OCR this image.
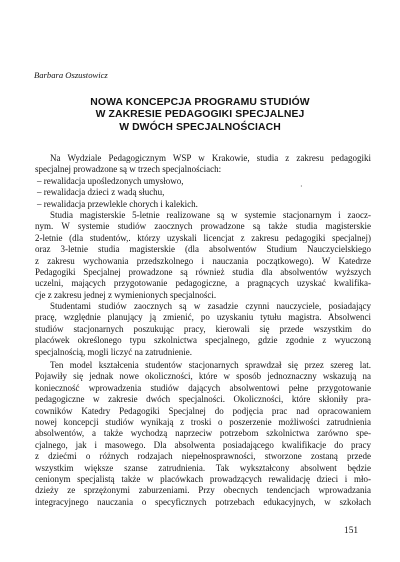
Barbara Oszustowicz
NOWA KONCEPCJA PROGRAMU STUDIÓW
W ZAKRESIE PEDAGOGIKI SPECJALNEJ
W DWÓCH SPECJALNOŚCIACH
Na Wydziale Pedagogicznym WSP w Krakowie, studia z zakresu pedagogiki
specjalnej prowadzone są w trzech specjalnościach:
– rewalidacja upośledzonych umysłowo,
– rewalidacja dzieci z wadą słuchu,
– rewalidacja przewlekle chorych i kalekich.
Studia magisterskie 5-letnie realizowane są w systemie stacjonarnym i zaocz-
nym. W systemie studiów zaocznych prowadzone są także studia magisterskie
2-letnie (dla studentów,. którzy uzyskali licencjat z zakresu pedagogiki specjalnej)
oraz 3-letnie studia magisterskie (dla absolwentów Studium Nauczycielskiego
z zakresu wychowania przedszkolnego i nauczania początkowego). W Katedrze
Pedagogiki Specjalnej prowadzone są również studia dla absolwentów wyższych
uczelni, mających przygotowanie pedagogiczne, a pragnących uzyskać kwalifika-
cje z zakresu jednej z wymienionych specjalności.
Studentami studiów zaocznych są w zasadzie czynni nauczyciele, posiadający
pracę, względnie planujący ją zmienić, po uzyskaniu tytułu magistra. Absolwenci
studiów stacjonarnych poszukując pracy, kierowali się przede wszystkim do
placówek określonego typu szkolnictwa specjalnego, gdzie zgodnie z wyuczoną
specjalnością, mogli liczyć na zatrudnienie.
Ten model kształcenia studentów stacjonarnych sprawdzał się przez szereg lat.
Pojawiły się jednak nowe okoliczności, które w sposób jednoznaczny wskazują na
konieczność wprowadzenia studiów dających absolwentowi pełne przygotowanie
pedagogiczne w zakresie dwóch specjalności. Okoliczności, które skłoniły pra-
cowników Katedry Pedagogiki Specjalnej do podjęcia prac nad opracowaniem
nowej koncepcji studiów wynikają z troski o poszerzenie możliwości zatrudnienia
absolwentów, a także wychodzą naprzeciw potrzebom szkolnictwa zarówno spe-
cjalnego, jak i masowego. Dla absolwenta posiadającego kwalifikacje do pracy
z dziećmi o różnych rodzajach niepełnosprawności, stworzone zostaną przede
wszystkim większe szanse zatrudnienia. Tak wykształcony absolwent będzie
cenionym specjalistą także w placówkach prowadzących rewalidację dzieci i mło-
dzieży ze sprzężonymi zaburzeniami. Przy obecnych tendencjach wprowadzania
integracyjnego nauczania o specyficznych potrzebach edukacyjnych, w szkołach
·
151
